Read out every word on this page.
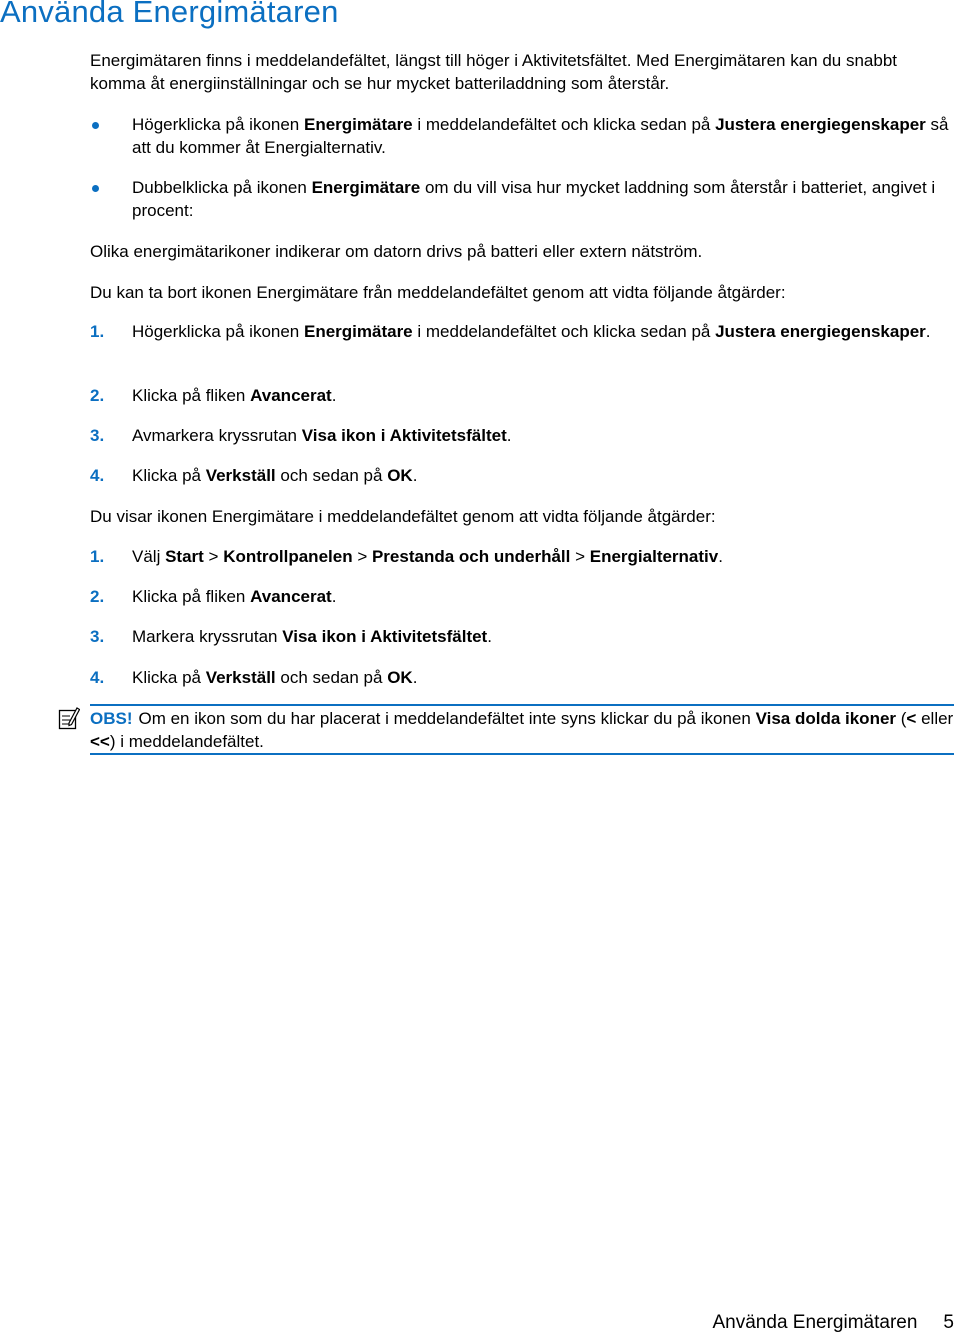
Använda Energimätaren

Energimätaren finns i meddelandefältet, längst till höger i Aktivitetsfältet. Med Energimätaren kan du snabbt komma åt energiinställningar och se hur mycket batteriladdning som återstår.

Högerklicka på ikonen Energimätare i meddelandefältet och klicka sedan på Justera energiegenskaper så att du kommer åt Energialternativ.

Dubbelklicka på ikonen Energimätare om du vill visa hur mycket laddning som återstår i batteriet, angivet i procent:

Olika energimätarikoner indikerar om datorn drivs på batteri eller extern nätström.

Du kan ta bort ikonen Energimätare från meddelandefältet genom att vidta följande åtgärder:

1. Högerklicka på ikonen Energimätare i meddelandefältet och klicka sedan på Justera energiegenskaper.

2. Klicka på fliken Avancerat.

3. Avmarkera kryssrutan Visa ikon i Aktivitetsfältet.

4. Klicka på Verkställ och sedan på OK.

Du visar ikonen Energimätare i meddelandefältet genom att vidta följande åtgärder:

1. Välj Start > Kontrollpanelen > Prestanda och underhåll > Energialternativ.

2. Klicka på fliken Avancerat.

3. Markera kryssrutan Visa ikon i Aktivitetsfältet.

4. Klicka på Verkställ och sedan på OK.

OBS! Om en ikon som du har placerat i meddelandefältet inte syns klickar du på ikonen Visa dolda ikoner (< eller <<) i meddelandefältet.

Använda Energimätaren 5
